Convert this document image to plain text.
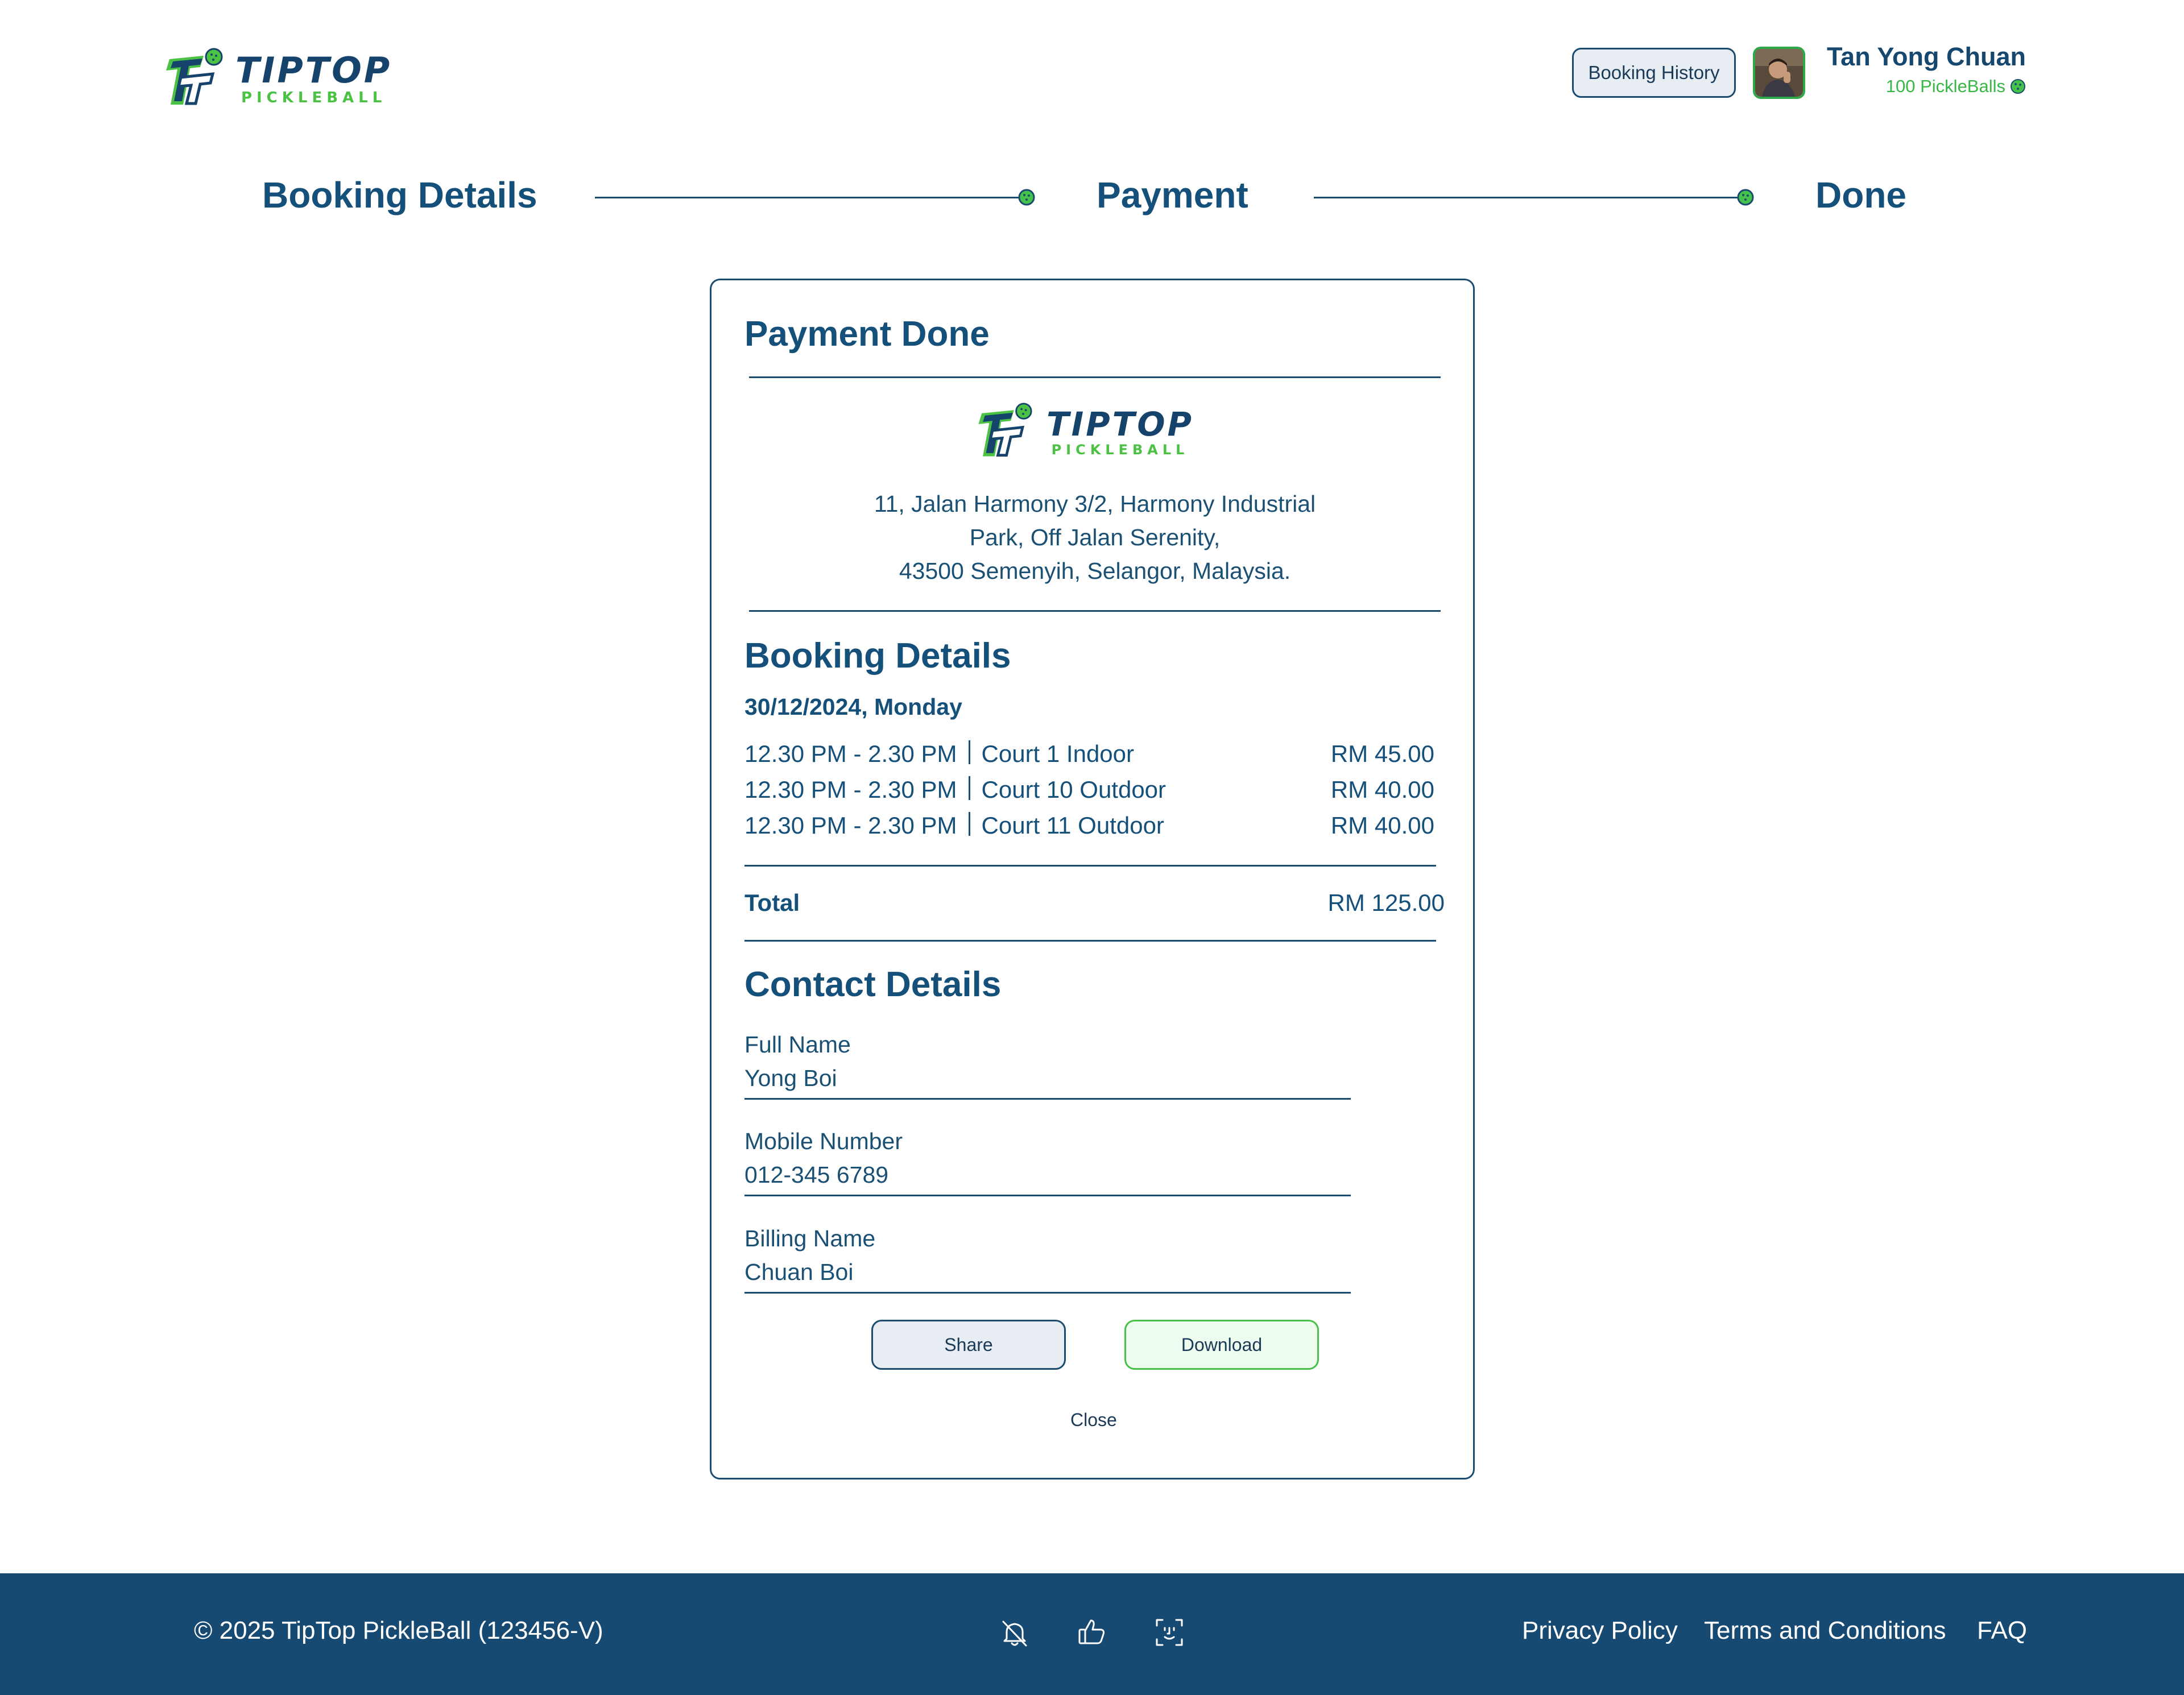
TIPTOP
PICKLEBALL
Booking History
Tan Yong Chuan
100 PickleBalls
Booking Details	Payment	Done
Payment Done
TIPTOP
PICKLEBALL
11, Jalan Harmony 3/2, Harmony Industrial
Park, Off Jalan Serenity,
43500 Semenyih, Selangor, Malaysia.
Booking Details
30/12/2024, Monday
12.30 PM - 2.30 PM Court 1 Indoor	RM 45.00
12.30 PM - 2.30 PM Court 10 Outdoor	RM 40.00
12.30 PM - 2.30 PM Court 11 Outdoor	RM 40.00
Total	RM 125.00
Contact Details
Full Name
Yong Boi
Mobile Number
012-345 6789
Billing Name
Chuan Boi
Share	Download
Close
© 2025 TipTop PickleBall (123456-V)	Privacy Policy Terms and Conditions FAQ
